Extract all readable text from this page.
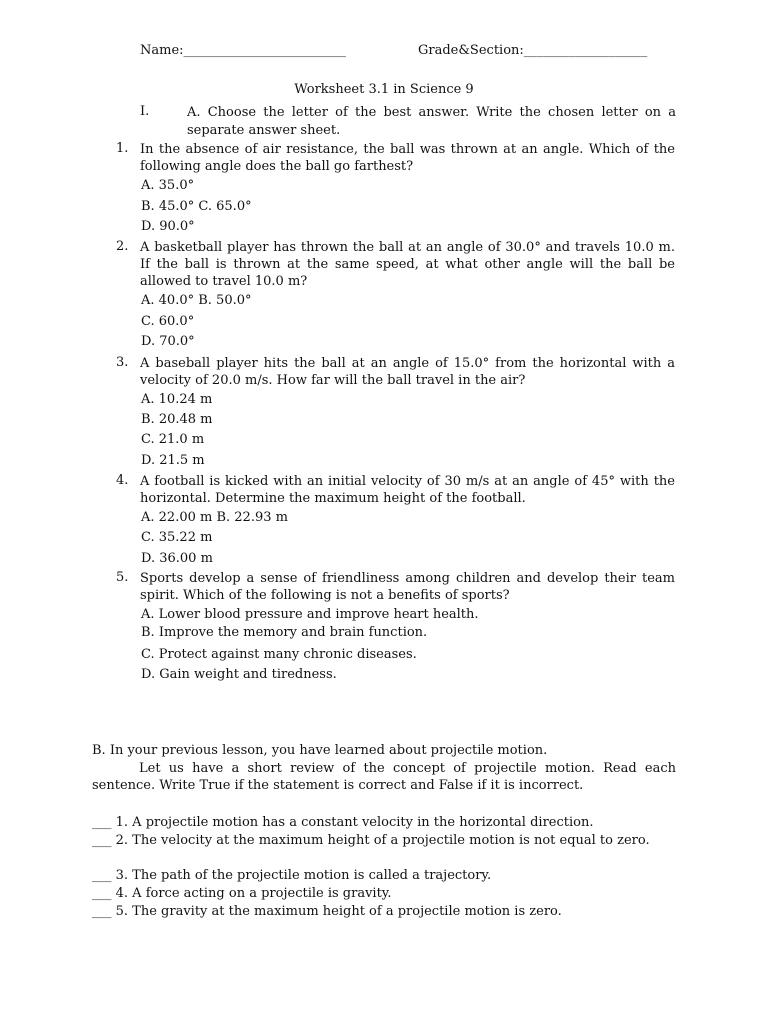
Name:_________________________	Grade&Section:___________________
Worksheet 3.1 in Science 9
I.	A. Choose the letter of the best answer. Write the chosen letter on a separate answer sheet.
1. In the absence of air resistance, the ball was thrown at an angle. Which of the following angle does the ball go farthest?
A. 35.0°
B. 45.0° C. 65.0°
D. 90.0°
2. A basketball player has thrown the ball at an angle of 30.0° and travels 10.0 m. If the ball is thrown at the same speed, at what other angle will the ball be allowed to travel 10.0 m?
A. 40.0° B. 50.0°
C. 60.0°
D. 70.0°
3. A baseball player hits the ball at an angle of 15.0° from the horizontal with a velocity of 20.0 m/s. How far will the ball travel in the air?
A. 10.24 m
B. 20.48 m
C. 21.0 m
D. 21.5 m
4. A football is kicked with an initial velocity of 30 m/s at an angle of 45° with the horizontal. Determine the maximum height of the football.
A. 22.00 m B. 22.93 m
C. 35.22 m
D. 36.00 m
5. Sports develop a sense of friendliness among children and develop their team spirit. Which of the following is not a benefits of sports?
A. Lower blood pressure and improve heart health.
B. Improve the memory and brain function.
C. Protect against many chronic diseases.
D. Gain weight and tiredness.
B. In your previous lesson, you have learned about projectile motion.
Let us have a short review of the concept of projectile motion. Read each sentence. Write True if the statement is correct and False if it is incorrect.
___ 1. A projectile motion has a constant velocity in the horizontal direction.
___ 2. The velocity at the maximum height of a projectile motion is not equal to zero.
___ 3. The path of the projectile motion is called a trajectory.
___ 4. A force acting on a projectile is gravity.
___ 5. The gravity at the maximum height of a projectile motion is zero.
